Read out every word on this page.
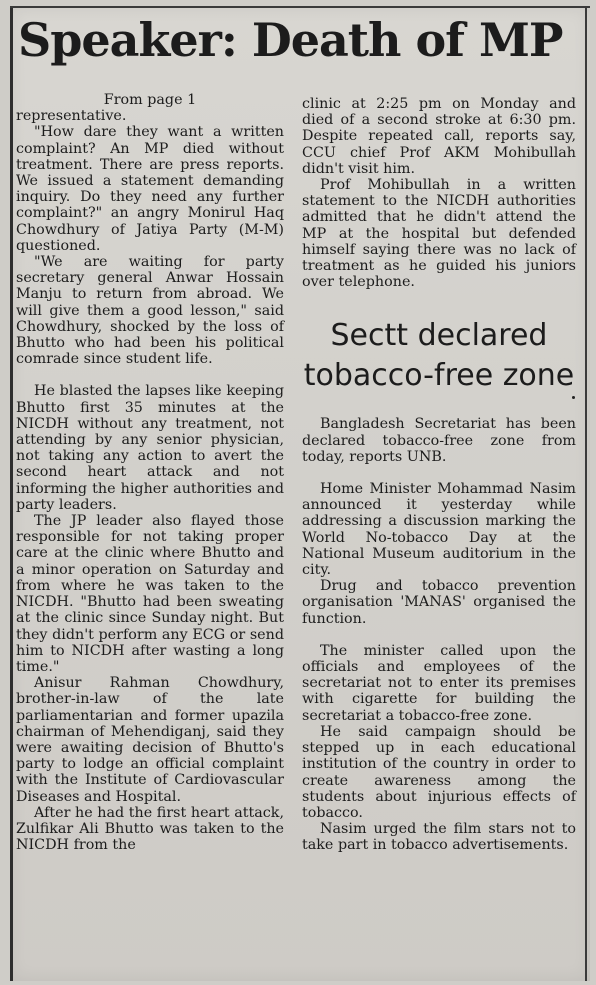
Speaker: Death of MP

From page 1

representative.

"How dare they want a written complaint? An MP died without treatment. There are press reports. We issued a statement demanding inquiry. Do they need any further complaint?" an angry Monirul Haq Chowdhury of Jatiya Party (M-M) questioned.

"We are waiting for party secretary general Anwar Hossain Manju to return from abroad. We will give them a good lesson," said Chowdhury, shocked by the loss of Bhutto who had been his political comrade since student life.

He blasted the lapses like keeping Bhutto first 35 minutes at the NICDH without any treatment, not attending by any senior physician, not taking any action to avert the second heart attack and not informing the higher authorities and party leaders.

The JP leader also flayed those responsible for not taking proper care at the clinic where Bhutto and a minor operation on Saturday and from where he was taken to the NICDH. "Bhutto had been sweating at the clinic since Sunday night. But they didn't perform any ECG or send him to NICDH after wasting a long time."

Anisur Rahman Chowdhury, brother-in-law of the late parliamentarian and former upazila chairman of Mehendiganj, said they were awaiting decision of Bhutto's party to lodge an official complaint with the Institute of Cardiovascular Diseases and Hospital.

After he had the first heart attack, Zulfikar Ali Bhutto was taken to the NICDH from the

clinic at 2:25 pm on Monday and died of a second stroke at 6:30 pm. Despite repeated call, reports say, CCU chief Prof AKM Mohibullah didn't visit him.

Prof Mohibullah in a written statement to the NICDH authorities admitted that he didn't attend the MP at the hospital but defended himself saying there was no lack of treatment as he guided his juniors over telephone.

Sectt declared tobacco-free zone

Bangladesh Secretariat has been declared tobacco-free zone from today, reports UNB.

Home Minister Mohammad Nasim announced it yesterday while addressing a discussion marking the World No-tobacco Day at the National Museum auditorium in the city.

Drug and tobacco prevention organisation 'MANAS' organised the function.

The minister called upon the officials and employees of the secretariat not to enter its premises with cigarette for building the secretariat a tobacco-free zone.

He said campaign should be stepped up in each educational institution of the country in order to create awareness among the students about injurious effects of tobacco.

Nasim urged the film stars not to take part in tobacco advertisements.
